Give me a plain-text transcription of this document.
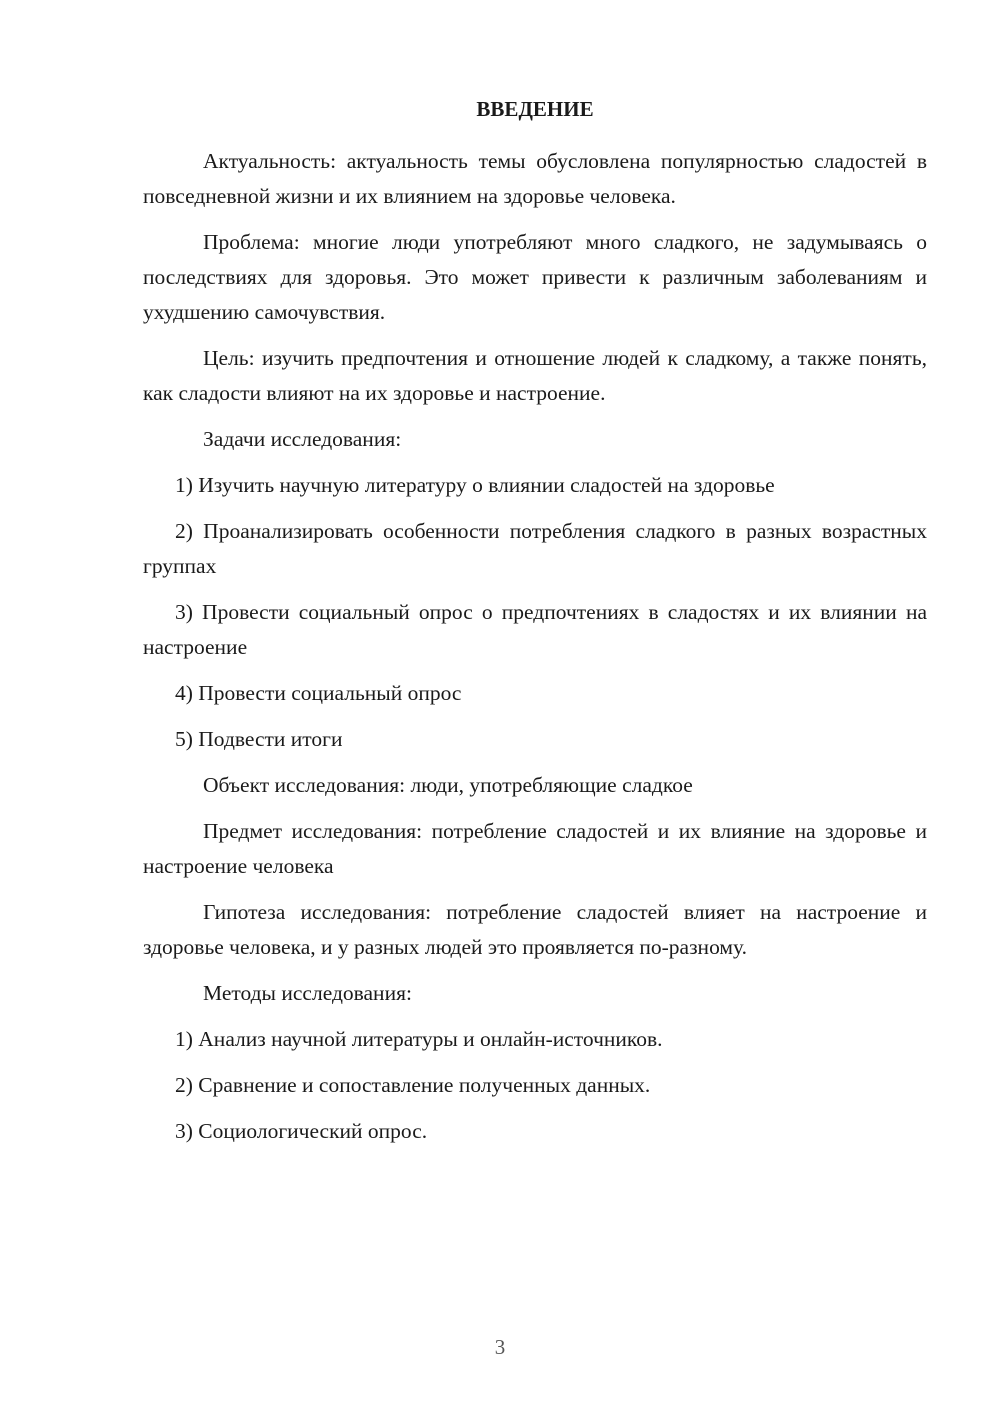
ВВЕДЕНИЕ

Актуальность: актуальность темы обусловлена популярностью сладостей в повседневной жизни и их влиянием на здоровье человека.

Проблема: многие люди употребляют много сладкого, не задумываясь о последствиях для здоровья. Это может привести к различным заболеваниям и ухудшению самочувствия.

Цель: изучить предпочтения и отношение людей к сладкому, а также понять, как сладости влияют на их здоровье и настроение.

Задачи исследования:

1) Изучить научную литературу о влиянии сладостей на здоровье

2) Проанализировать особенности потребления сладкого в разных возрастных группах

3) Провести социальный опрос о предпочтениях в сладостях и их влиянии на настроение

4) Провести социальный опрос

5) Подвести итоги

Объект исследования: люди, употребляющие сладкое

Предмет исследования: потребление сладостей и их влияние на здоровье и настроение человека

Гипотеза исследования: потребление сладостей влияет на настроение и здоровье человека, и у разных людей это проявляется по-разному.

Методы исследования:

1) Анализ научной литературы и онлайн-источников.

2) Сравнение и сопоставление полученных данных.

3) Социологический опрос.

3
